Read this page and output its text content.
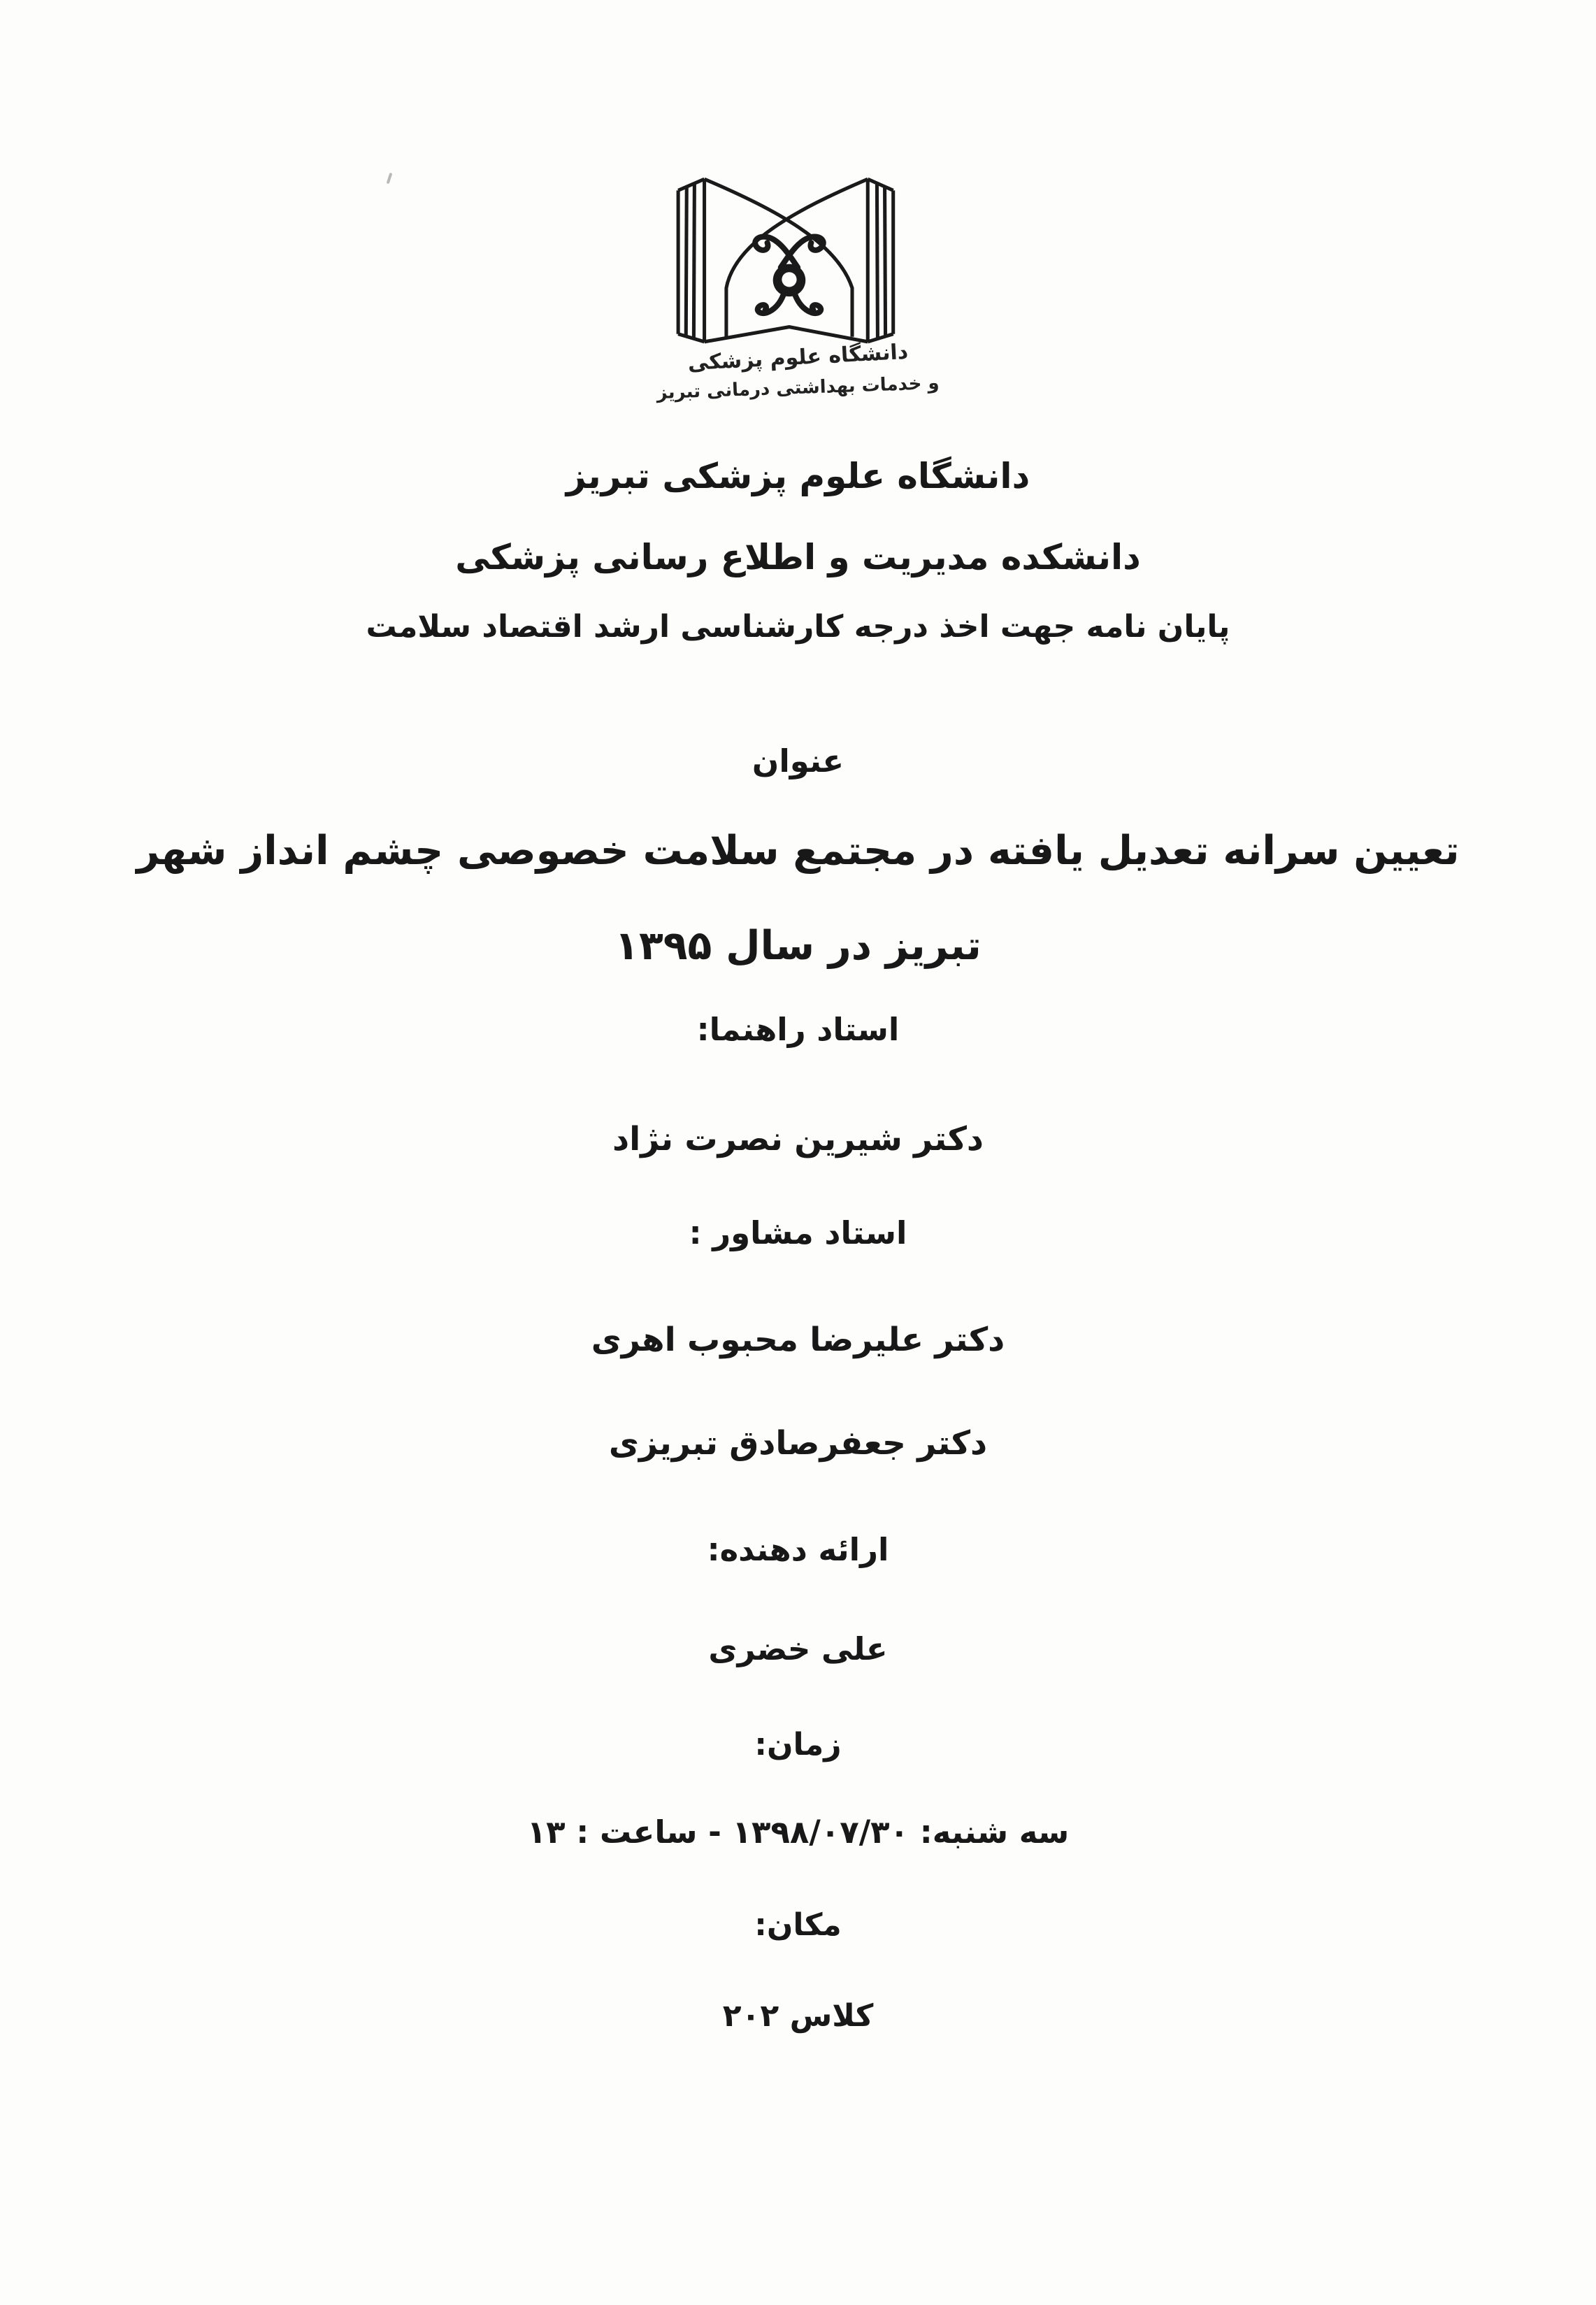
دانشگاه علوم پزشکی
و خدمات بهداشتی درمانی تبریز
دانشگاه علوم پزشکی تبریز
دانشکده مدیریت و اطلاع رسانی پزشکی
پایان نامه جهت اخذ درجه کارشناسی ارشد اقتصاد سلامت
عنوان
تعیین سرانه تعدیل یافته در مجتمع سلامت خصوصی چشم انداز شهر
تبریز در سال ۱۳۹۵
استاد راهنما:
دکتر شیرین نصرت نژاد
استاد مشاور :
دکتر علیرضا محبوب اهری
دکتر جعفرصادق تبریزی
ارائه دهنده:
علی خضری
زمان:
سه شنبه: ۱۳۹۸/۰۷/۳۰ - ساعت : ۱۳
مکان:
کلاس ۲۰۲
